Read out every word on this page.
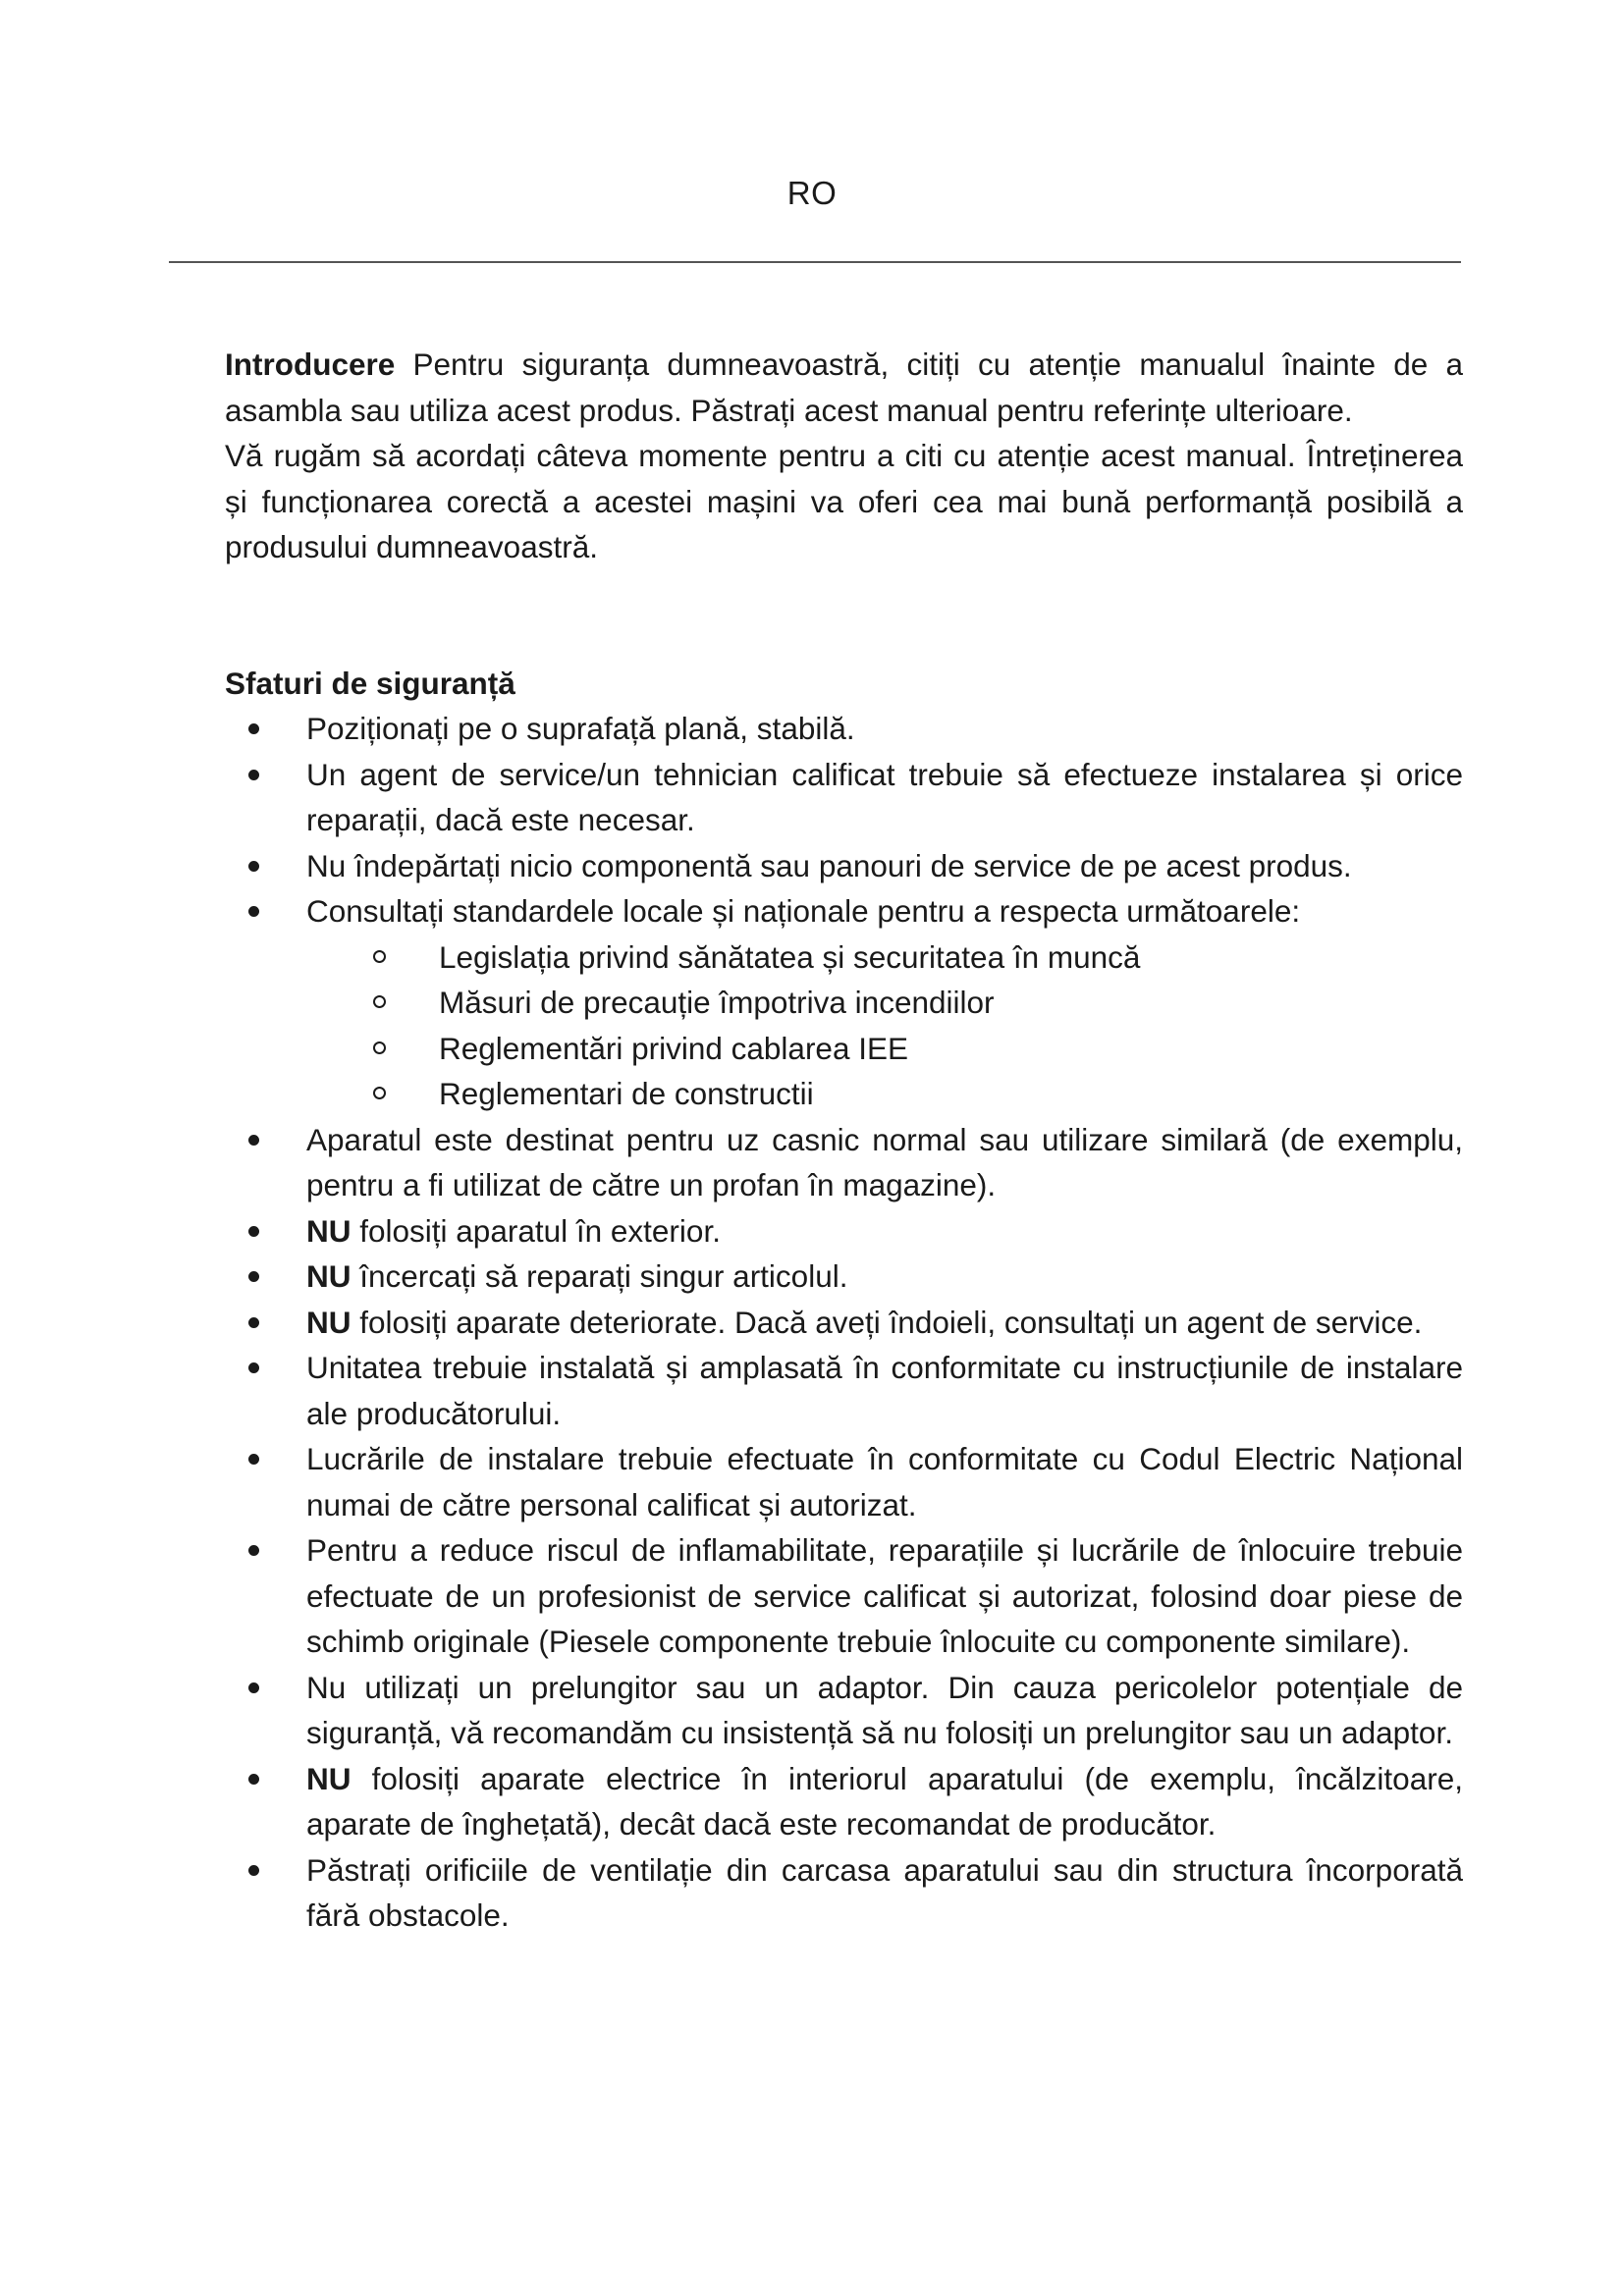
RO

Introducere Pentru siguranța dumneavoastră, citiți cu atenție manualul înainte de a asambla sau utiliza acest produs. Păstrați acest manual pentru referințe ulterioare.

Vă rugăm să acordați câteva momente pentru a citi cu atenție acest manual. Întreținerea și funcționarea corectă a acestei mașini va oferi cea mai bună performanță posibilă a produsului dumneavoastră.

Sfaturi de siguranță

Poziționați pe o suprafață plană, stabilă.
Un agent de service/un tehnician calificat trebuie să efectueze instalarea și orice reparații, dacă este necesar.
Nu îndepărtați nicio componentă sau panouri de service de pe acest produs.
Consultați standardele locale și naționale pentru a respecta următoarele:
Legislația privind sănătatea și securitatea în muncă
Măsuri de precauție împotriva incendiilor
Reglementări privind cablarea IEE
Reglementari de constructii
Aparatul este destinat pentru uz casnic normal sau utilizare similară (de exemplu, pentru a fi utilizat de către un profan în magazine).
NU folosiți aparatul în exterior.
NU încercați să reparați singur articolul.
NU folosiți aparate deteriorate. Dacă aveți îndoieli, consultați un agent de service.
Unitatea trebuie instalată și amplasată în conformitate cu instrucțiunile de instalare ale producătorului.
Lucrările de instalare trebuie efectuate în conformitate cu Codul Electric Național numai de către personal calificat și autorizat.
Pentru a reduce riscul de inflamabilitate, reparațiile și lucrările de înlocuire trebuie efectuate de un profesionist de service calificat și autorizat, folosind doar piese de schimb originale (Piesele componente trebuie înlocuite cu componente similare).
Nu utilizați un prelungitor sau un adaptor. Din cauza pericolelor potențiale de siguranță, vă recomandăm cu insistență să nu folosiți un prelungitor sau un adaptor.
NU folosiți aparate electrice în interiorul aparatului (de exemplu, încălzitoare, aparate de înghețată), decât dacă este recomandat de producător.
Păstrați orificiile de ventilație din carcasa aparatului sau din structura încorporată fără obstacole.
